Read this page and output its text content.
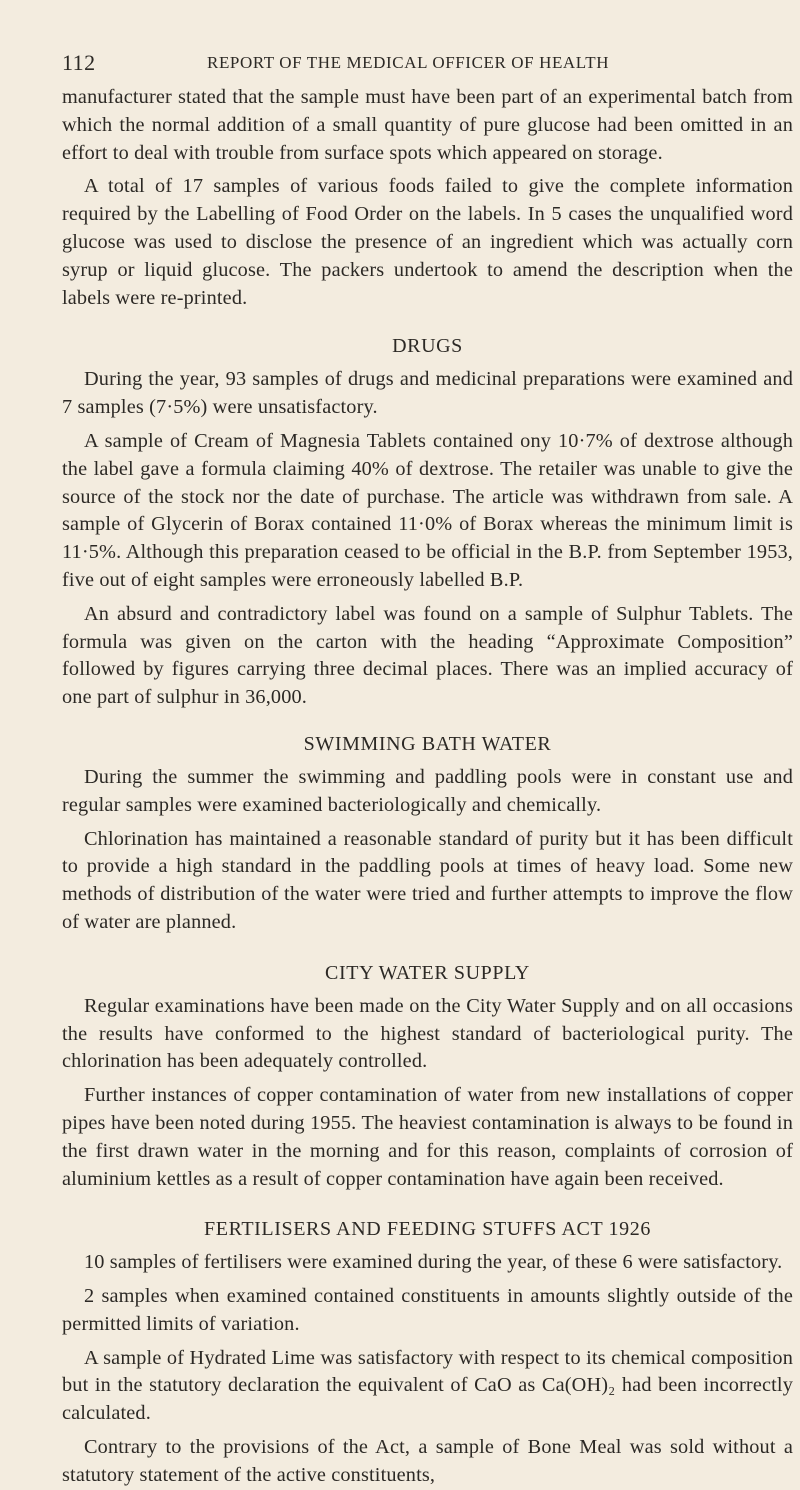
112	REPORT OF THE MEDICAL OFFICER OF HEALTH

manufacturer stated that the sample must have been part of an experimental batch from which the normal addition of a small quantity of pure glucose had been omitted in an effort to deal with trouble from surface spots which appeared on storage.

A total of 17 samples of various foods failed to give the complete information required by the Labelling of Food Order on the labels. In 5 cases the unqualified word glucose was used to disclose the presence of an ingredient which was actually corn syrup or liquid glucose. The packers undertook to amend the description when the labels were re-printed.

DRUGS

During the year, 93 samples of drugs and medicinal preparations were examined and 7 samples (7·5%) were unsatisfactory.

A sample of Cream of Magnesia Tablets contained ony 10·7% of dextrose although the label gave a formula claiming 40% of dextrose. The retailer was unable to give the source of the stock nor the date of purchase. The article was withdrawn from sale. A sample of Glycerin of Borax contained 11·0% of Borax whereas the minimum limit is 11·5%. Although this preparation ceased to be official in the B.P. from September 1953, five out of eight samples were erroneously labelled B.P.

An absurd and contradictory label was found on a sample of Sulphur Tablets. The formula was given on the carton with the heading “Approximate Composition” followed by figures carrying three decimal places. There was an implied accuracy of one part of sulphur in 36,000.

SWIMMING BATH WATER

During the summer the swimming and paddling pools were in constant use and regular samples were examined bacteriologically and chemically.

Chlorination has maintained a reasonable standard of purity but it has been difficult to provide a high standard in the paddling pools at times of heavy load. Some new methods of distribution of the water were tried and further attempts to improve the flow of water are planned.

CITY WATER SUPPLY

Regular examinations have been made on the City Water Supply and on all occasions the results have conformed to the highest standard of bacteriological purity. The chlorination has been adequately controlled.

Further instances of copper contamination of water from new installations of copper pipes have been noted during 1955. The heaviest contamination is always to be found in the first drawn water in the morning and for this reason, complaints of corrosion of aluminium kettles as a result of copper contamination have again been received.

FERTILISERS AND FEEDING STUFFS ACT 1926

10 samples of fertilisers were examined during the year, of these 6 were satisfactory.

2 samples when examined contained constituents in amounts slightly outside of the permitted limits of variation.

A sample of Hydrated Lime was satisfactory with respect to its chemical composition but in the statutory declaration the equivalent of CaO as Ca(OH)₂ had been incorrectly calculated.

Contrary to the provisions of the Act, a sample of Bone Meal was sold without a statutory statement of the active constituents,
